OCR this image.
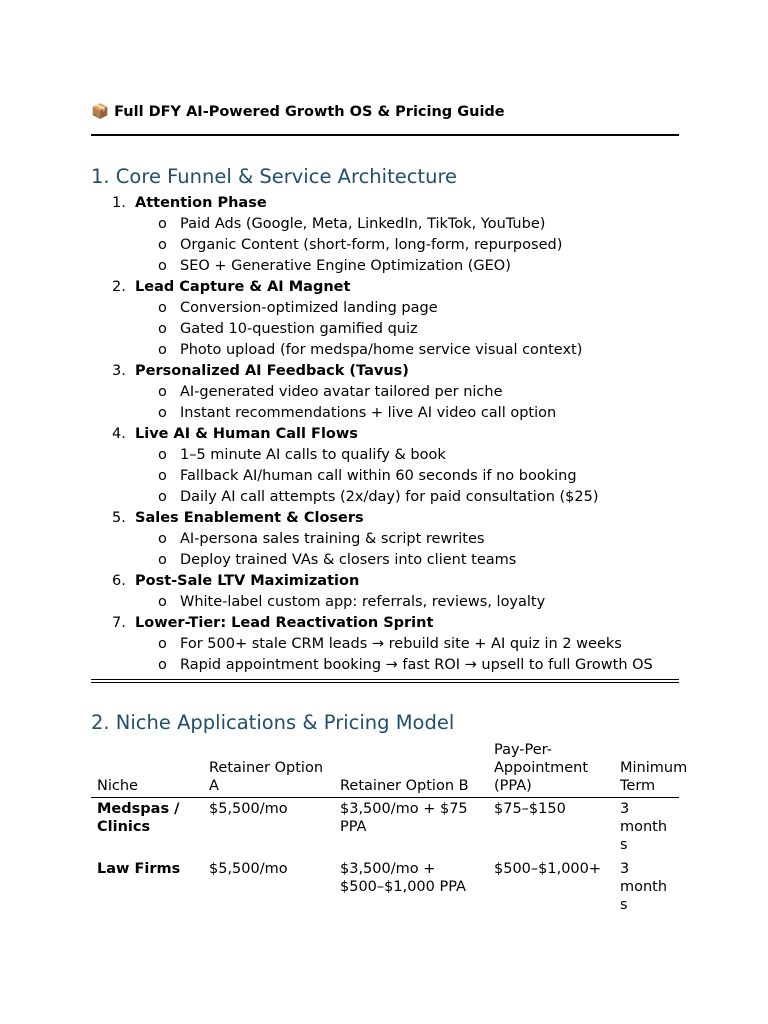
📦 Full DFY AI-Powered Growth OS & Pricing Guide
1. Core Funnel & Service Architecture
1. Attention Phase
o Paid Ads (Google, Meta, LinkedIn, TikTok, YouTube)
o Organic Content (short-form, long-form, repurposed)
o SEO + Generative Engine Optimization (GEO)
2. Lead Capture & AI Magnet
o Conversion-optimized landing page
o Gated 10-question gamified quiz
o Photo upload (for medspa/home service visual context)
3. Personalized AI Feedback (Tavus)
o AI-generated video avatar tailored per niche
o Instant recommendations + live AI video call option
4. Live AI & Human Call Flows
o 1–5 minute AI calls to qualify & book
o Fallback AI/human call within 60 seconds if no booking
o Daily AI call attempts (2x/day) for paid consultation ($25)
5. Sales Enablement & Closers
o AI-persona sales training & script rewrites
o Deploy trained VAs & closers into client teams
6. Post-Sale LTV Maximization
o White-label custom app: referrals, reviews, loyalty
7. Lower-Tier: Lead Reactivation Sprint
o For 500+ stale CRM leads → rebuild site + AI quiz in 2 weeks
o Rapid appointment booking → fast ROI → upsell to full Growth OS
2. Niche Applications & Pricing Model
Niche	Retainer Option A	Retainer Option B	Pay-Per-Appointment (PPA)	Minimum Term
Medspas / Clinics	$5,500/mo	$3,500/mo + $75 PPA	$75–$150	3 months
Law Firms	$5,500/mo	$3,500/mo + $500–$1,000 PPA	$500–$1,000+	3 months
